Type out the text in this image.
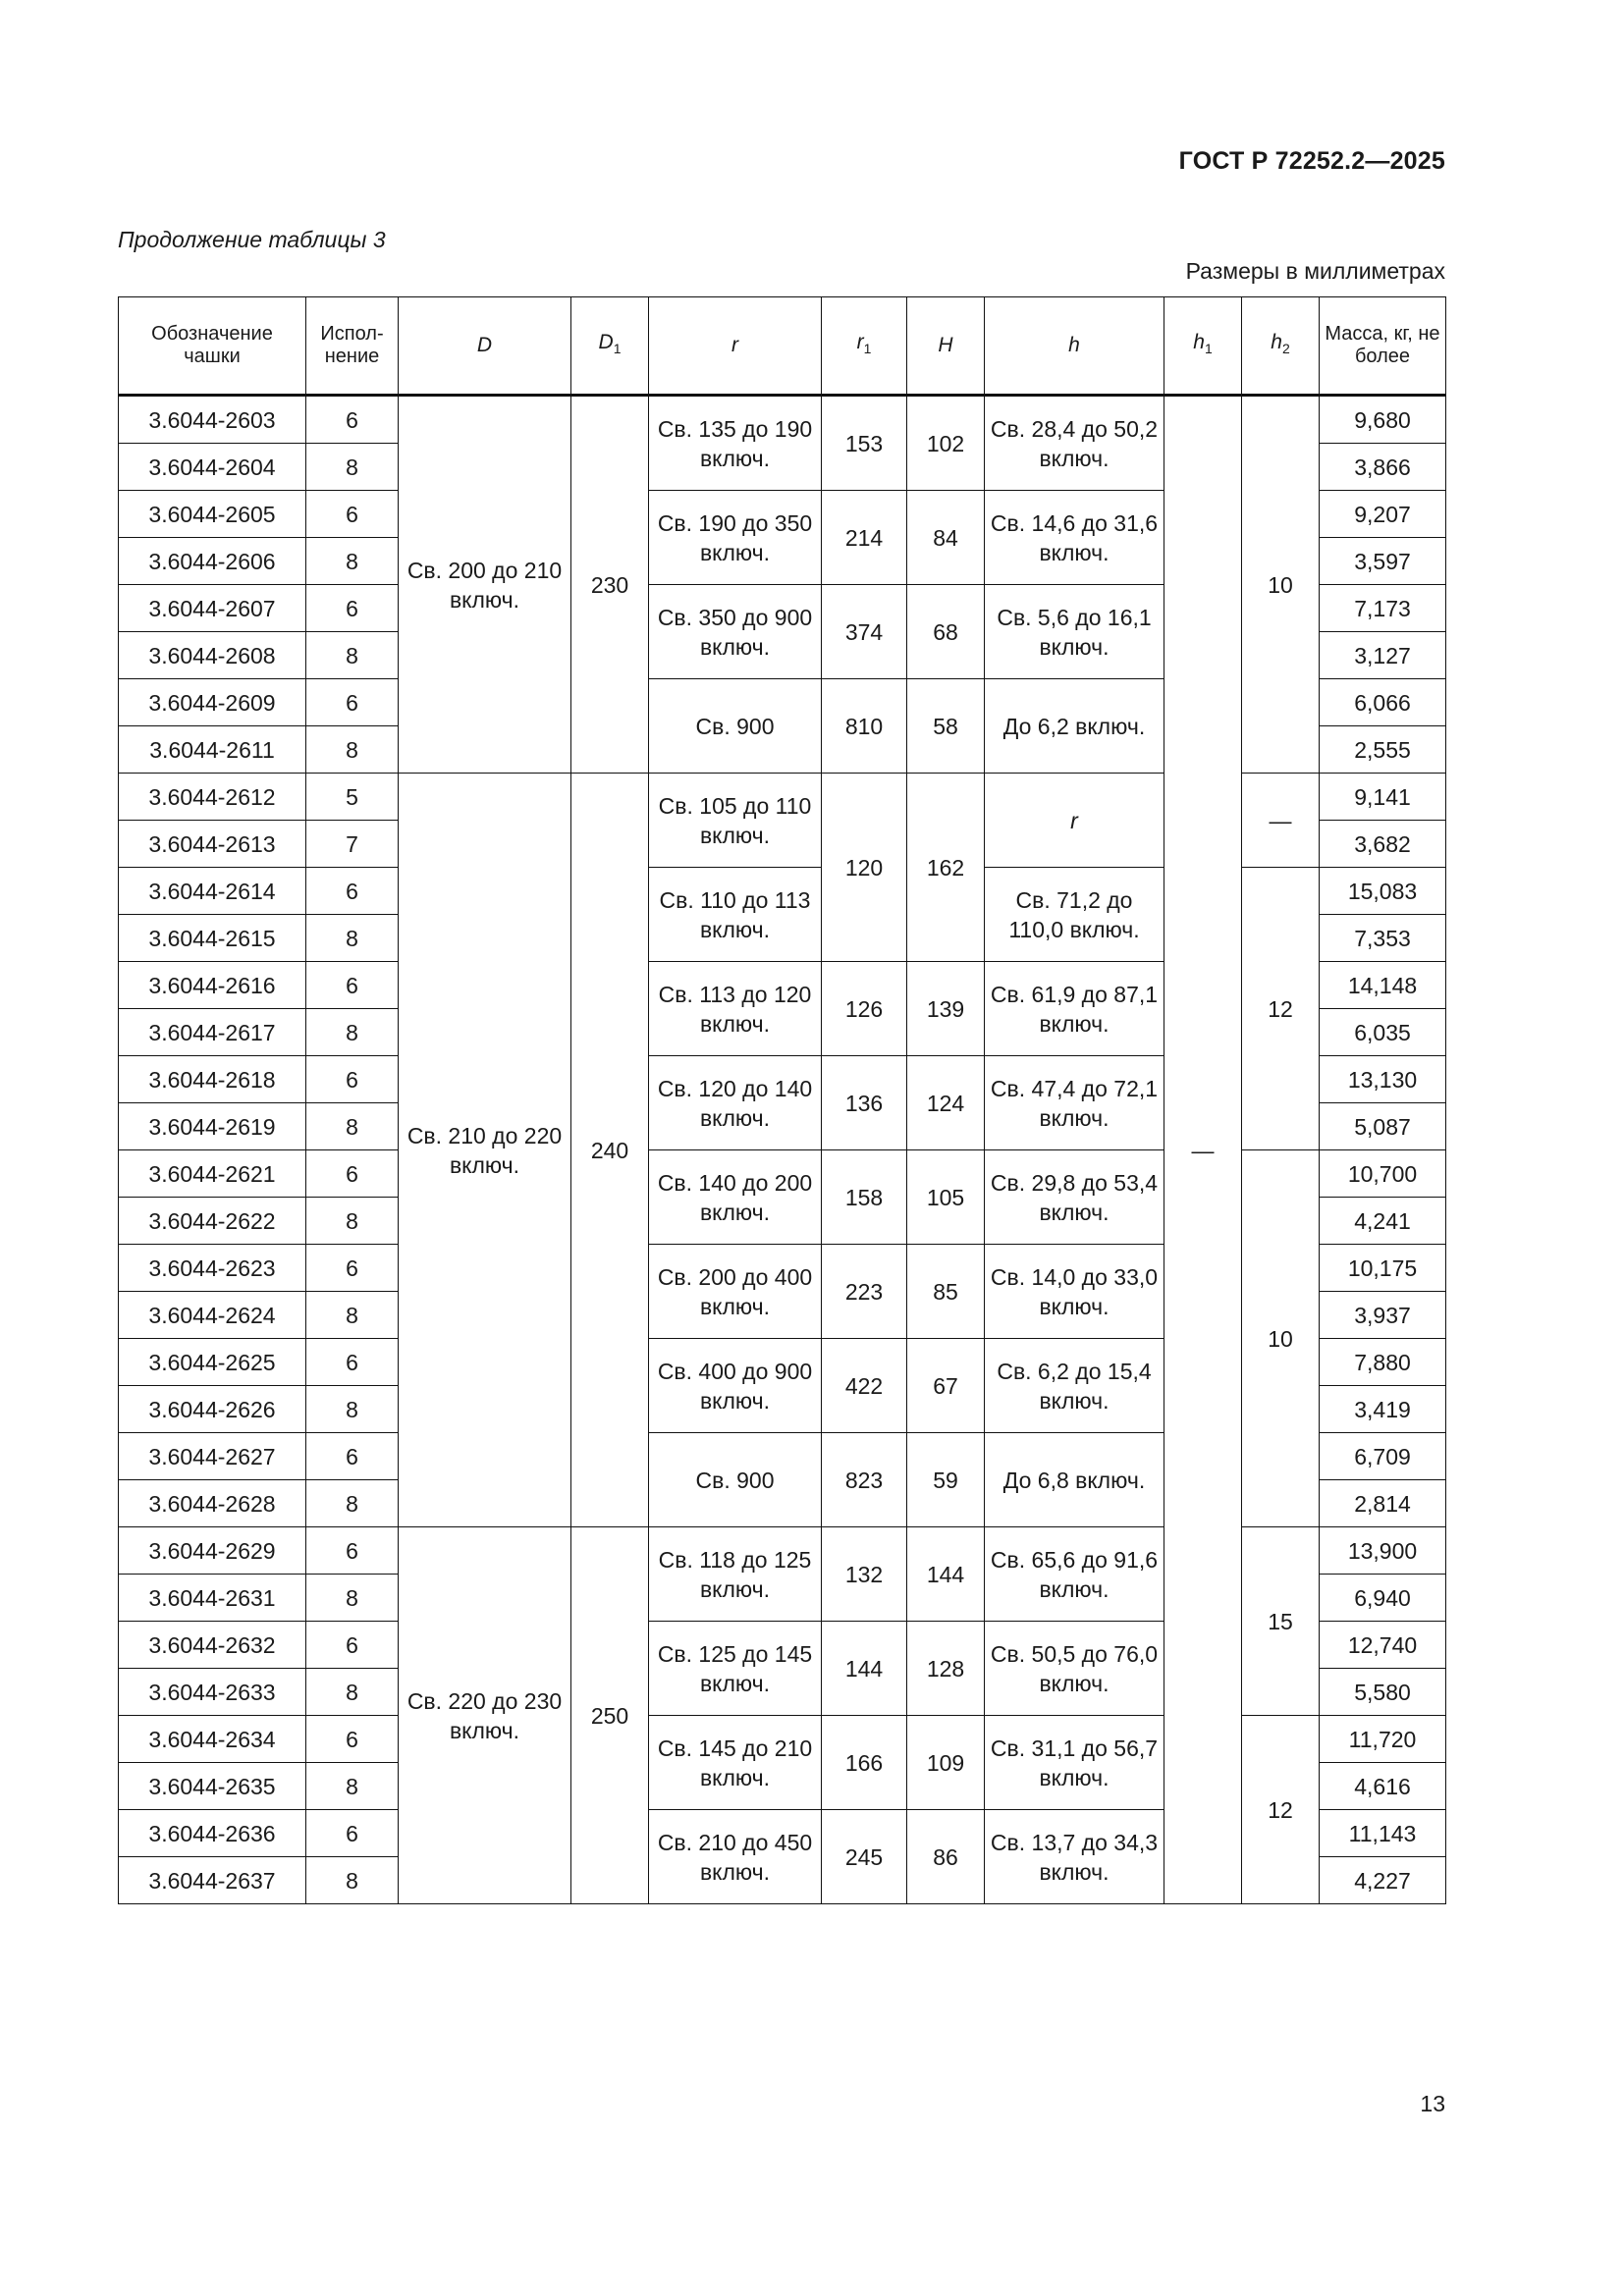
ГОСТ Р 72252.2—2025
Продолжение таблицы 3
Размеры в миллиметрах
Обозначение чашки	Испол-нение	D	$D_1$	r	$r_1$	H	h	$h_1$	$h_2$	Масса, кг, не более
3.6044-2603	6	Св. 200 до 210 включ.	230	Св. 135 до 190 включ.	153	102	Св. 28,4 до 50,2 включ.	—	10	9,680
3.6044-2604	8									3,866
3.6044-2605	6			Св. 190 до 350 включ.	214	84	Св. 14,6 до 31,6 включ.			9,207
3.6044-2606	8									3,597
3.6044-2607	6			Св. 350 до 900 включ.	374	68	Св. 5,6 до 16,1 включ.			7,173
3.6044-2608	8									3,127
3.6044-2609	6			Св. 900	810	58	До 6,2 включ.			6,066
3.6044-2611	8									2,555
3.6044-2612	5	Св. 210 до 220 включ.	240	Св. 105 до 110 включ.	120	162	r		—	9,141
3.6044-2613	7									3,682
3.6044-2614	6			Св. 110 до 113 включ.			Св. 71,2 до 110,0 включ.		12	15,083
3.6044-2615	8									7,353
3.6044-2616	6			Св. 113 до 120 включ.	126	139	Св. 61,9 до 87,1 включ.			14,148
3.6044-2617	8									6,035
3.6044-2618	6			Св. 120 до 140 включ.	136	124	Св. 47,4 до 72,1 включ.			13,130
3.6044-2619	8									5,087
3.6044-2621	6			Св. 140 до 200 включ.	158	105	Св. 29,8 до 53,4 включ.		10	10,700
3.6044-2622	8									4,241
3.6044-2623	6			Св. 200 до 400 включ.	223	85	Св. 14,0 до 33,0 включ.			10,175
3.6044-2624	8									3,937
3.6044-2625	6			Св. 400 до 900 включ.	422	67	Св. 6,2 до 15,4 включ.			7,880
3.6044-2626	8									3,419
3.6044-2627	6			Св. 900	823	59	До 6,8 включ.			6,709
3.6044-2628	8									2,814
3.6044-2629	6	Св. 220 до 230 включ.	250	Св. 118 до 125 включ.	132	144	Св. 65,6 до 91,6 включ.		15	13,900
3.6044-2631	8									6,940
3.6044-2632	6			Св. 125 до 145 включ.	144	128	Св. 50,5 до 76,0 включ.			12,740
3.6044-2633	8									5,580
3.6044-2634	6			Св. 145 до 210 включ.	166	109	Св. 31,1 до 56,7 включ.		12	11,720
3.6044-2635	8									4,616
3.6044-2636	6			Св. 210 до 450 включ.	245	86	Св. 13,7 до 34,3 включ.			11,143
3.6044-2637	8									4,227
13
